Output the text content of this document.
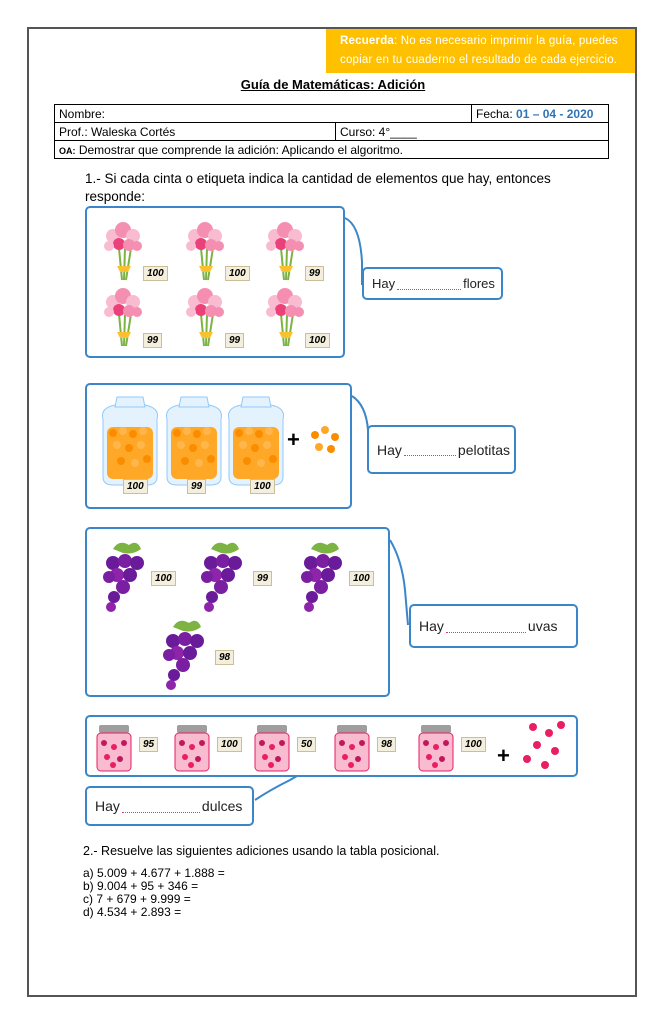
Recuerda: No es necesario imprimir la guía, puedes copiar en tu cuaderno el resultado de cada ejercicio.
Guía de Matemáticas: Adición
Nombre:		Fecha: 01 – 04 - 2020
Prof.: Waleska Cortés	Curso: 4°____	
OA: Demostrar que comprende la adición: Aplicando el algoritmo.		
1.- Si cada cinta o etiqueta indica la cantidad de elementos que hay, entonces responde:
100	100	99
99	99	100
Hay	flores
+
100	99	100
Hay	pelotitas
100	99	100
98
Hay	uvas
95	100	50	98	100 +
Hay	dulces
2.- Resuelve las siguientes adiciones usando la tabla posicional.
a) 5.009 + 4.677 + 1.888 =
b) 9.004 + 95 + 346 =
c) 7 + 679 + 9.999 =
d) 4.534 + 2.893 =
